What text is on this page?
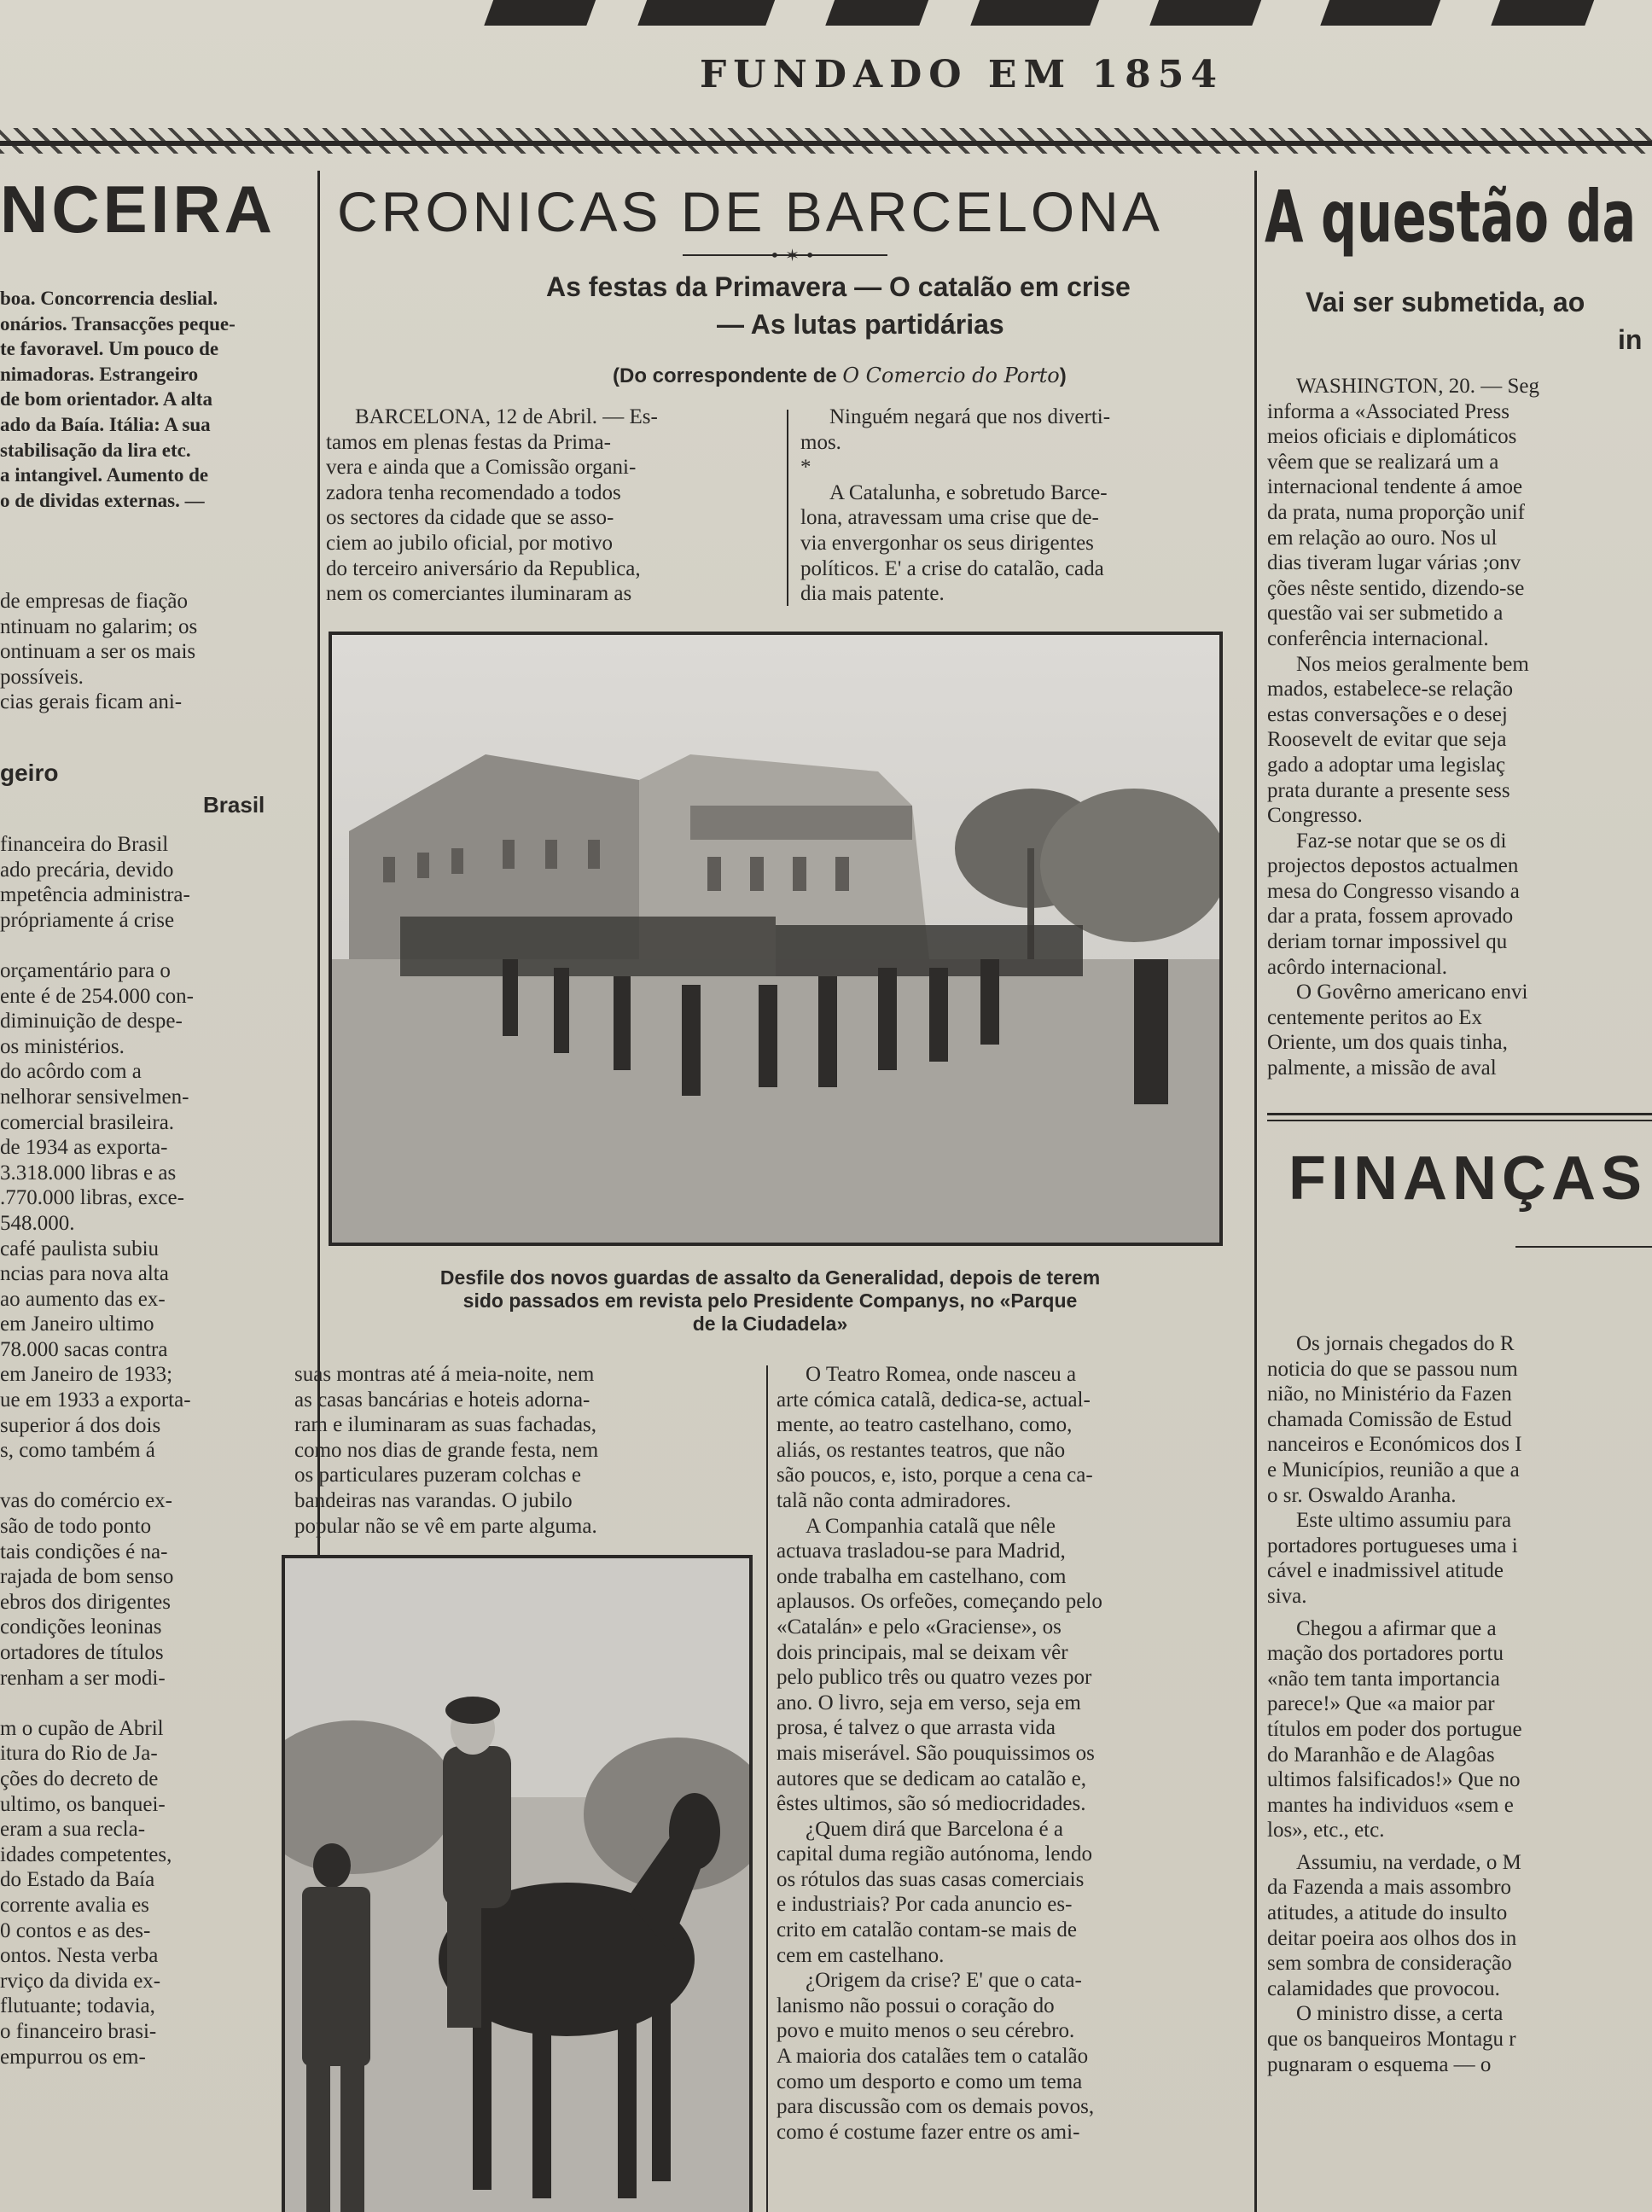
FUNDADO EM 1854
NCEIRA

boa. Concorrencia deslial.

onários. Transacções peque-

te favoravel. Um pouco de

nimadoras. Estrangeiro

de bom orientador. A alta

ado da Baía. Itália: A sua

stabilisação da lira etc.

a intangivel. Aumento de

o de dividas externas. —

de empresas de fiação

ntinuam no galarim; os

ontinuam a ser os mais

possíveis.

cias gerais ficam ani-

geiro
Brasil

financeira do Brasil

ado precária, devido

mpetência administra-

própriamente á crise

orçamentário para o

ente é de 254.000 con-

diminuição de despe-

os ministérios.

do acôrdo com a

nelhorar sensivelmen-

comercial brasileira.

de 1934 as exporta-

3.318.000 libras e as

.770.000 libras, exce-

548.000.

café paulista subiu

ncias para nova alta

ao aumento das ex-

em Janeiro ultimo

78.000 sacas contra

em Janeiro de 1933;

ue em 1933 a exporta-

superior á dos dois

s, como também á

vas do comércio ex-

são de todo ponto

tais condições é na-

rajada de bom senso

ebros dos dirigentes

condições leoninas

ortadores de títulos

renham a ser modi-

m o cupão de Abril

itura do Rio de Ja-

ções do decreto de

ultimo, os banquei-

eram a sua recla-

idades competentes,

do Estado da Baía

corrente avalia es

0 contos e as des-

ontos. Nesta verba

rviço da divida ex-

flutuante; todavia,

o financeiro brasi-

empurrou os em-

CRONICAS DE BARCELONA
• ✶ •
As festas da Primavera — O catalão em crise
— As lutas partidárias
(Do correspondente de O Comercio do Porto)

BARCELONA, 12 de Abril. — Es-

tamos em plenas festas da Prima-

vera e ainda que a Comissão organi-

zadora tenha recomendado a todos

os sectores da cidade que se asso-

ciem ao jubilo oficial, por motivo

do terceiro aniversário da Republica,

nem os comerciantes iluminaram as

Ninguém negará que nos diverti-

mos.

*

A Catalunha, e sobretudo Barce-

lona, atravessam uma crise que de-

via envergonhar os seus dirigentes

políticos. E' a crise do catalão, cada

dia mais patente.

Desfile dos novos guardas de assalto da Generalidad, depois de terem
sido passados em revista pelo Presidente Companys, no «Parque
de la Ciudadela»

suas montras até á meia-noite, nem

as casas bancárias e hoteis adorna-

ram e iluminaram as suas fachadas,

como nos dias de grande festa, nem

os particulares puzeram colchas e

bandeiras nas varandas. O jubilo

popular não se vê em parte alguma.

O Teatro Romea, onde nasceu a

arte cómica catalã, dedica-se, actual-

mente, ao teatro castelhano, como,

aliás, os restantes teatros, que não

são poucos, e, isto, porque a cena ca-

talã não conta admiradores.

A Companhia catalã que nêle

actuava trasladou-se para Madrid,

onde trabalha em castelhano, com

aplausos. Os orfeões, começando pelo

«Catalán» e pelo «Graciense», os

dois principais, mal se deixam vêr

pelo publico três ou quatro vezes por

ano. O livro, seja em verso, seja em

prosa, é talvez o que arrasta vida

mais miserável. São pouquissimos os

autores que se dedicam ao catalão e,

êstes ultimos, são só mediocridades.

¿Quem dirá que Barcelona é a

capital duma região autónoma, lendo

os rótulos das suas casas comerciais

e industriais? Por cada anuncio es-

crito em catalão contam-se mais de

cem em castelhano.

¿Origem da crise? E' que o cata-

lanismo não possui o coração do

povo e muito menos o seu cérebro.

A maioria dos catalães tem o catalão

como um desporto e como um tema

para discussão com os demais povos,

como é costume fazer entre os ami-

A questão da
Vai ser submetida, ao
in

WASHINGTON, 20. — Seg

informa a «Associated Press

meios oficiais e diplomáticos

vêem que se realizará um a

internacional tendente á amoe

da prata, numa proporção unif

em relação ao ouro. Nos ul

dias tiveram lugar várias ;onv

ções nêste sentido, dizendo-se

questão vai ser submetido a

conferência internacional.

Nos meios geralmente bem

mados, estabelece-se relação

estas conversações e o desej

Roosevelt de evitar que seja

gado a adoptar uma legislaç

prata durante a presente sess

Congresso.

Faz-se notar que se os di

projectos depostos actualmen

mesa do Congresso visando a

dar a prata, fossem aprovado

deriam tornar impossivel qu

acôrdo internacional.

O Govêrno americano envi

centemente peritos ao Ex

Oriente, um dos quais tinha,

palmente, a missão de aval

FINANÇAS

Os jornais chegados do R

noticia do que se passou num

nião, no Ministério da Fazen

chamada Comissão de Estud

nanceiros e Económicos dos I

e Municípios, reunião a que a

o sr. Oswaldo Aranha.

Este ultimo assumiu para

portadores portugueses uma i

cável e inadmissivel atitude

siva.

Chegou a afirmar que a

mação dos portadores portu

«não tem tanta importancia

parece!» Que «a maior par

títulos em poder dos portugue

do Maranhão e de Alagôas

ultimos falsificados!» Que no

mantes ha individuos «sem e

los», etc., etc.

Assumiu, na verdade, o M

da Fazenda a mais assombro

atitudes, a atitude do insulto

deitar poeira aos olhos dos in

sem sombra de consideração

calamidades que provocou.

O ministro disse, a certa

que os banqueiros Montagu r

pugnaram o esquema — o
